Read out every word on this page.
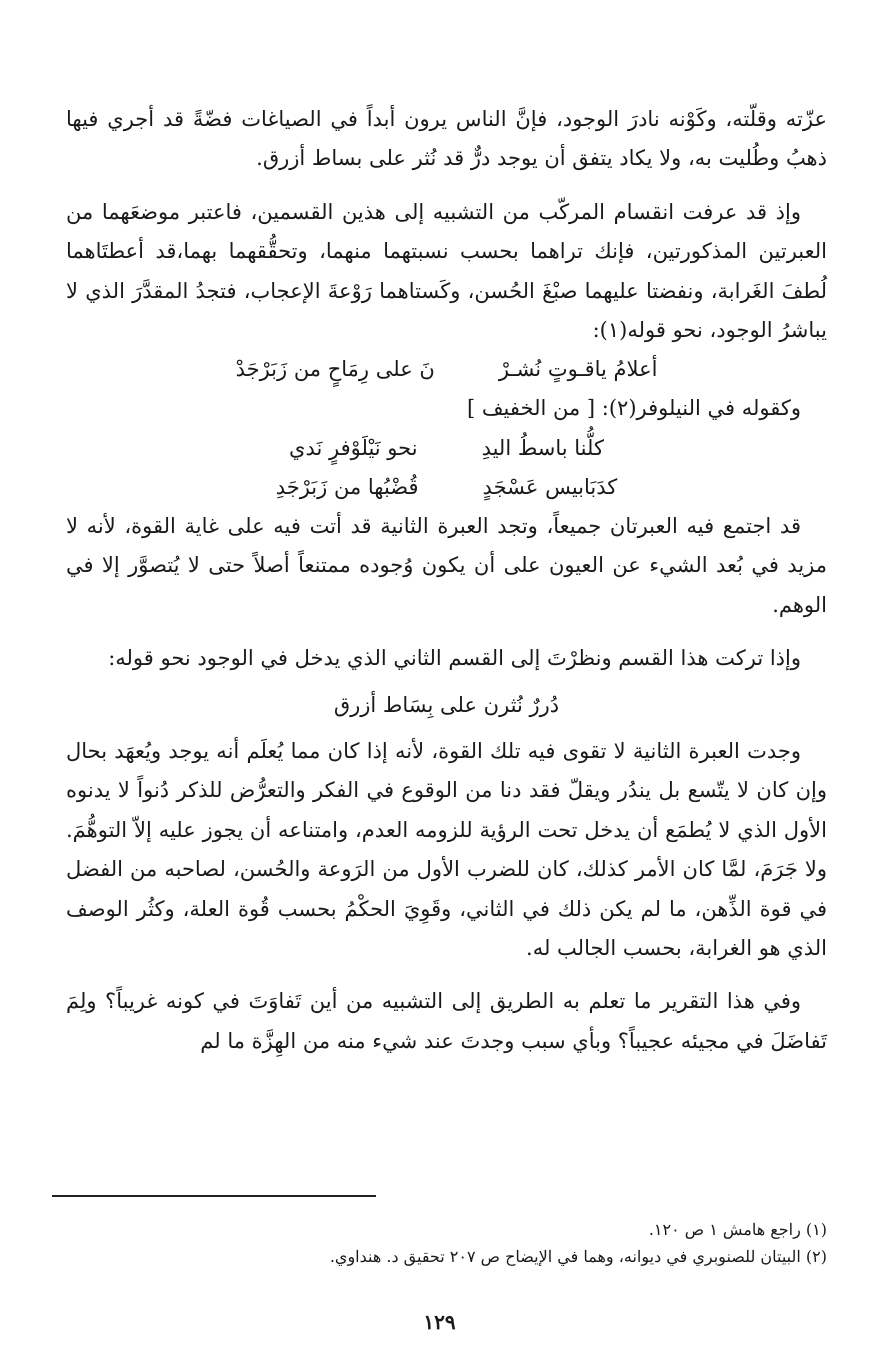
عزّته وقلّته، وكَوْنه نادرَ الوجود، فإنَّ الناس يرون أبداً في الصياغات فضّةً قد أجري فيها ذهبُ وطُليت به، ولا يكاد يتفق أن يوجد درٌّ قد نُثر على بساط أزرق.

وإذ قد عرفت انقسام المركّب من التشبيه إلى هذين القسمين، فاعتبر موضعَهما من العبرتين المذكورتين، فإنك تراهما بحسب نسبتهما منهما، وتحقُّقهما بهما،قد أعطتَاهما لُطفَ الغَرابة، ونفضتا عليهما صبْغَ الحُسن، وكَستاهما رَوْعةَ الإعجاب، فتجدُ المقدَّرَ الذي لا يباشرُ الوجود، نحو قوله(١):

أعلامُ ياقـوتٍ نُشـرْ
نَ على رِمَاحٍ من زَبَرْجَدْ

وكقوله في النيلوفر(٢): [ من الخفيف ]

كلُّنا باسطُ اليدِ
نحو نَيْلَوْفرٍ نَدي
كدَبَابيس عَسْجَدٍ
قُضْبُها من زَبَرْجَدِ

قد اجتمع فيه العبرتان جميعاً، وتجد العبرة الثانية قد أتت فيه على غاية القوة، لأنه لا مزيد في بُعد الشيء عن العيون على أن يكون وُجوده ممتنعاً أصلاً حتى لا يُتصوَّر إلا في الوهم.

وإذا تركت هذا القسم ونظرْتَ إلى القسم الثاني الذي يدخل في الوجود نحو قوله:

دُررٌ نُثرن على بِسَاط أزرق

وجدت العبرة الثانية لا تقوى فيه تلك القوة، لأنه إذا كان مما يُعلَم أنه يوجد ويُعهَد بحال وإن كان لا يتّسع بل يندُر ويقلّ فقد دنا من الوقوع في الفكر والتعرُّض للذكر دُنواً لا يدنوه الأول الذي لا يُطمَع أن يدخل تحت الرؤية للزومه العدم، وامتناعه أن يجوز عليه إلاّ التوهُّمَ. ولا جَرَمَ، لمَّا كان الأمر كذلك، كان للضرب الأول من الرَوعة والحُسن، لصاحبه من الفضل في قوة الذِّهن، ما لم يكن ذلك في الثاني، وقَوِيَ الحكْمُ بحسب قُوة العلة، وكثُر الوصف الذي هو الغرابة، بحسب الجالب له.

وفي هذا التقرير ما تعلم به الطريق إلى التشبيه من أين تَفاوَتَ في كونه غريباً؟ ولِمَ تَفاضَلَ في مجيئه عجيباً؟ وبأي سبب وجدتَ عند شيء منه من الهِزَّة ما لم

(١) راجع هامش ١ ص ١٢٠.

(٢) البيتان للصنوبري في ديوانه، وهما في الإيضاح ص ٢٠٧ تحقيق د. هنداوي.

١٢٩
